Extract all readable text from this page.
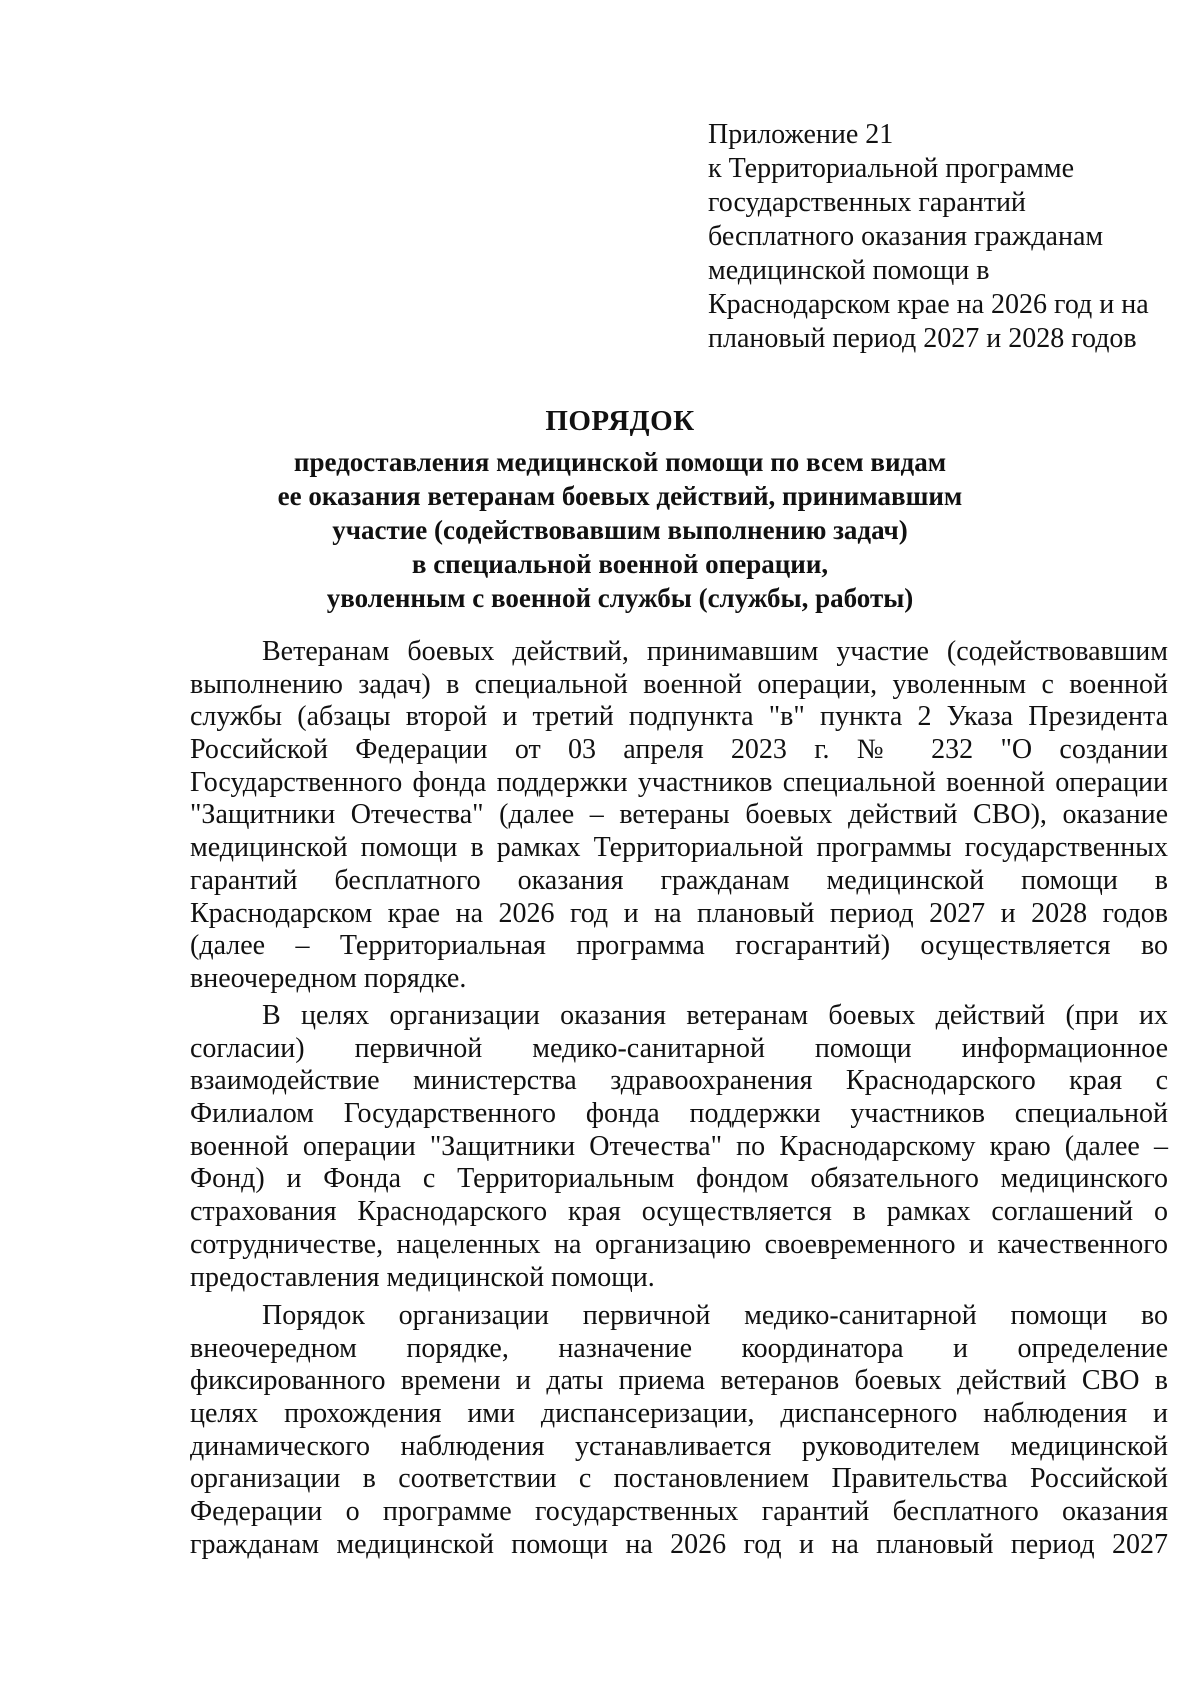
Приложение 21
к Территориальной программе
государственных гарантий
бесплатного оказания гражданам
медицинской помощи в
Краснодарском крае на 2026 год и на
плановый период 2027 и 2028 годов
ПОРЯДОК
предоставления медицинской помощи по всем видам
ее оказания ветеранам боевых действий, принимавшим
участие (содействовавшим выполнению задач)
в специальной военной операции,
уволенным с военной службы (службы, работы)
Ветеранам боевых действий, принимавшим участие (содействовавшим
выполнению задач) в специальной военной операции, уволенным с военной
службы (абзацы второй и третий подпункта "в" пункта 2 Указа Президента
Российской Федерации от 03 апреля 2023 г. № 232 "О создании
Государственного фонда поддержки участников специальной военной операции
"Защитники Отечества" (далее – ветераны боевых действий СВО), оказание
медицинской помощи в рамках Территориальной программы государственных
гарантий бесплатного оказания гражданам медицинской помощи в
Краснодарском крае на 2026 год и на плановый период 2027 и 2028 годов
(далее – Территориальная программа госгарантий) осуществляется во
внеочередном порядке.
В целях организации оказания ветеранам боевых действий (при их
согласии) первичной медико-санитарной помощи информационное
взаимодействие министерства здравоохранения Краснодарского края с
Филиалом Государственного фонда поддержки участников специальной
военной операции "Защитники Отечества" по Краснодарскому краю (далее –
Фонд) и Фонда с Территориальным фондом обязательного медицинского
страхования Краснодарского края осуществляется в рамках соглашений о
сотрудничестве, нацеленных на организацию своевременного и качественного
предоставления медицинской помощи.
Порядок организации первичной медико-санитарной помощи во
внеочередном порядке, назначение координатора и определение
фиксированного времени и даты приема ветеранов боевых действий СВО в
целях прохождения ими диспансеризации, диспансерного наблюдения и
динамического наблюдения устанавливается руководителем медицинской
организации в соответствии с постановлением Правительства Российской
Федерации о программе государственных гарантий бесплатного оказания
гражданам медицинской помощи на 2026 год и на плановый период 2027
